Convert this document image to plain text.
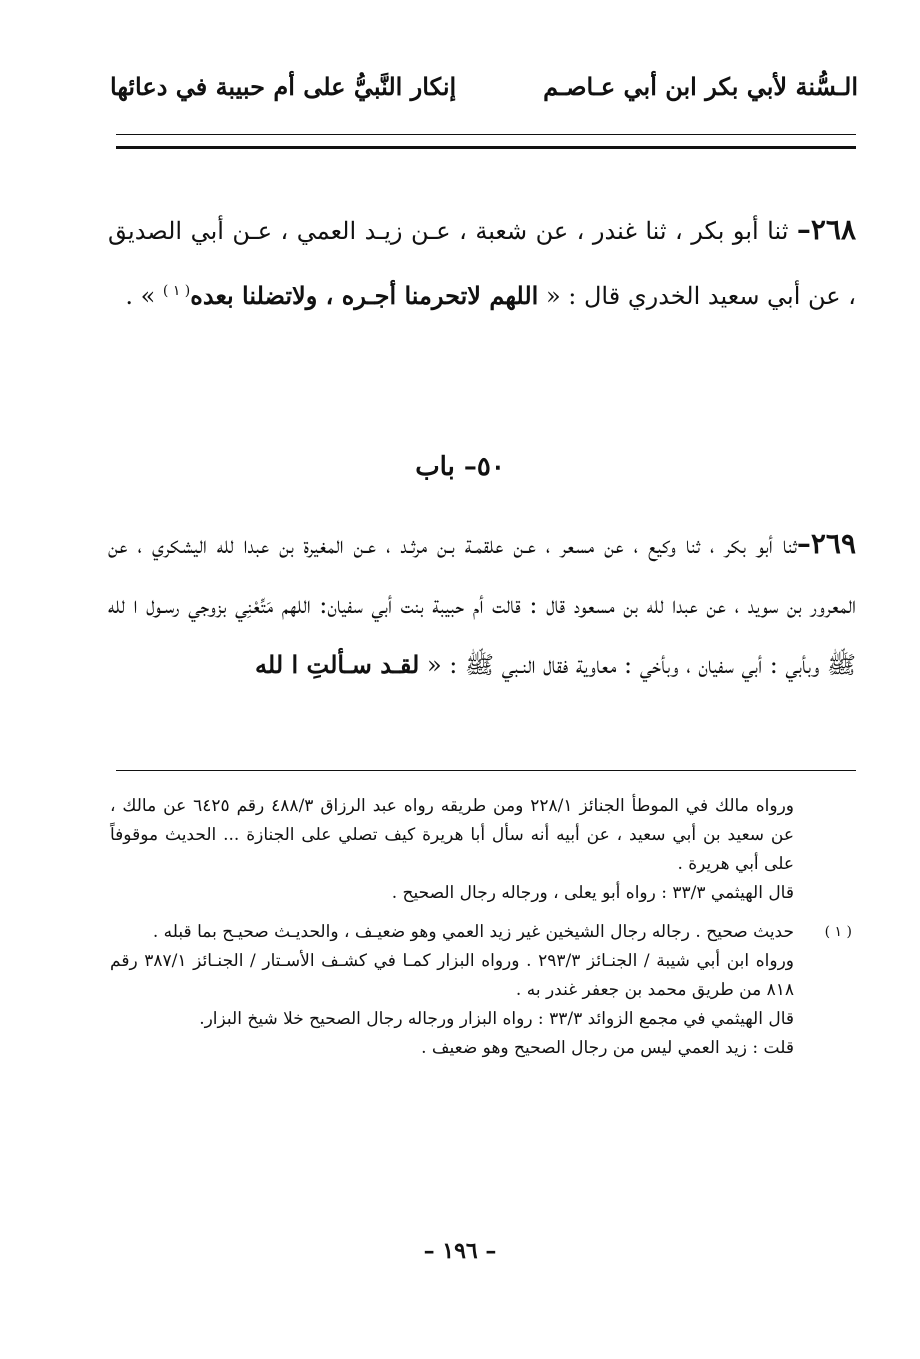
الـسُّنة لأبي بكر ابن أبي عـاصـم
إنكار النَّبيُّ على أم حبيبة في دعائها
٢٦٨– ثنا أبو بكر ، ثنا غندر ، عن شعبة ، عـن زيـد العمي ، عـن أبي الصديق ، عن أبي سعيد الخدري قال : « اللهم لاتحرمنا أجـره ، ولاتضلنا بعده$^{( ١ )}$ » .
٥٠– باب
٢٦٩–ثنا أبو بكر ، ثنا وكيع ، عن مسعر ، عـن علقمـة بـن مرثـد ، عـن المغيرة بن عبدا لله اليشكري ، عن المعرور بن سويد ، عن عبدا لله بن مسعود قال : قالت أم حبيبة بنت أبي سفيان: اللهم مَتِّعْنِي بزوجي رسـول ا لله ﷺ وبأبي : أبي سفيان ، وبأخي : معاوية فقال النـبي ﷺ : « لقـد سـألتِ ا لله

ورواه مالك في الموطأ الجنائز ٢٢٨/١ ومن طريقه رواه عبد الرزاق ٤٨٨/٣ رقم ٦٤٢٥ عن مالك ، عن سعيد بن أبي سعيد ، عن أبيه أنه سأل أبا هريرة كيف تصلي على الجنازة ... الحديث موقوفاً على أبي هريرة .

قال الهيثمي ٣٣/٣ : رواه أبو يعلى ، ورجاله رجال الصحيح .

( ١ )

حديث صحيح . رجاله رجال الشيخين غير زيد العمي وهو ضعيـف ، والحديـث صحيـح بما قبله .

ورواه ابن أبي شيبة / الجنـائز ٢٩٣/٣ . ورواه البزار كمـا في كشـف الأسـتار / الجنـائز ٣٨٧/١ رقم ٨١٨ من طريق محمد بن جعفر غندر به .

قال الهيثمي في مجمع الزوائد ٣٣/٣ : رواه البزار ورجاله رجال الصحيح خلا شيخ البزار.

قلت : زيد العمي ليس من رجال الصحيح وهو ضعيف .

– ١٩٦ –
